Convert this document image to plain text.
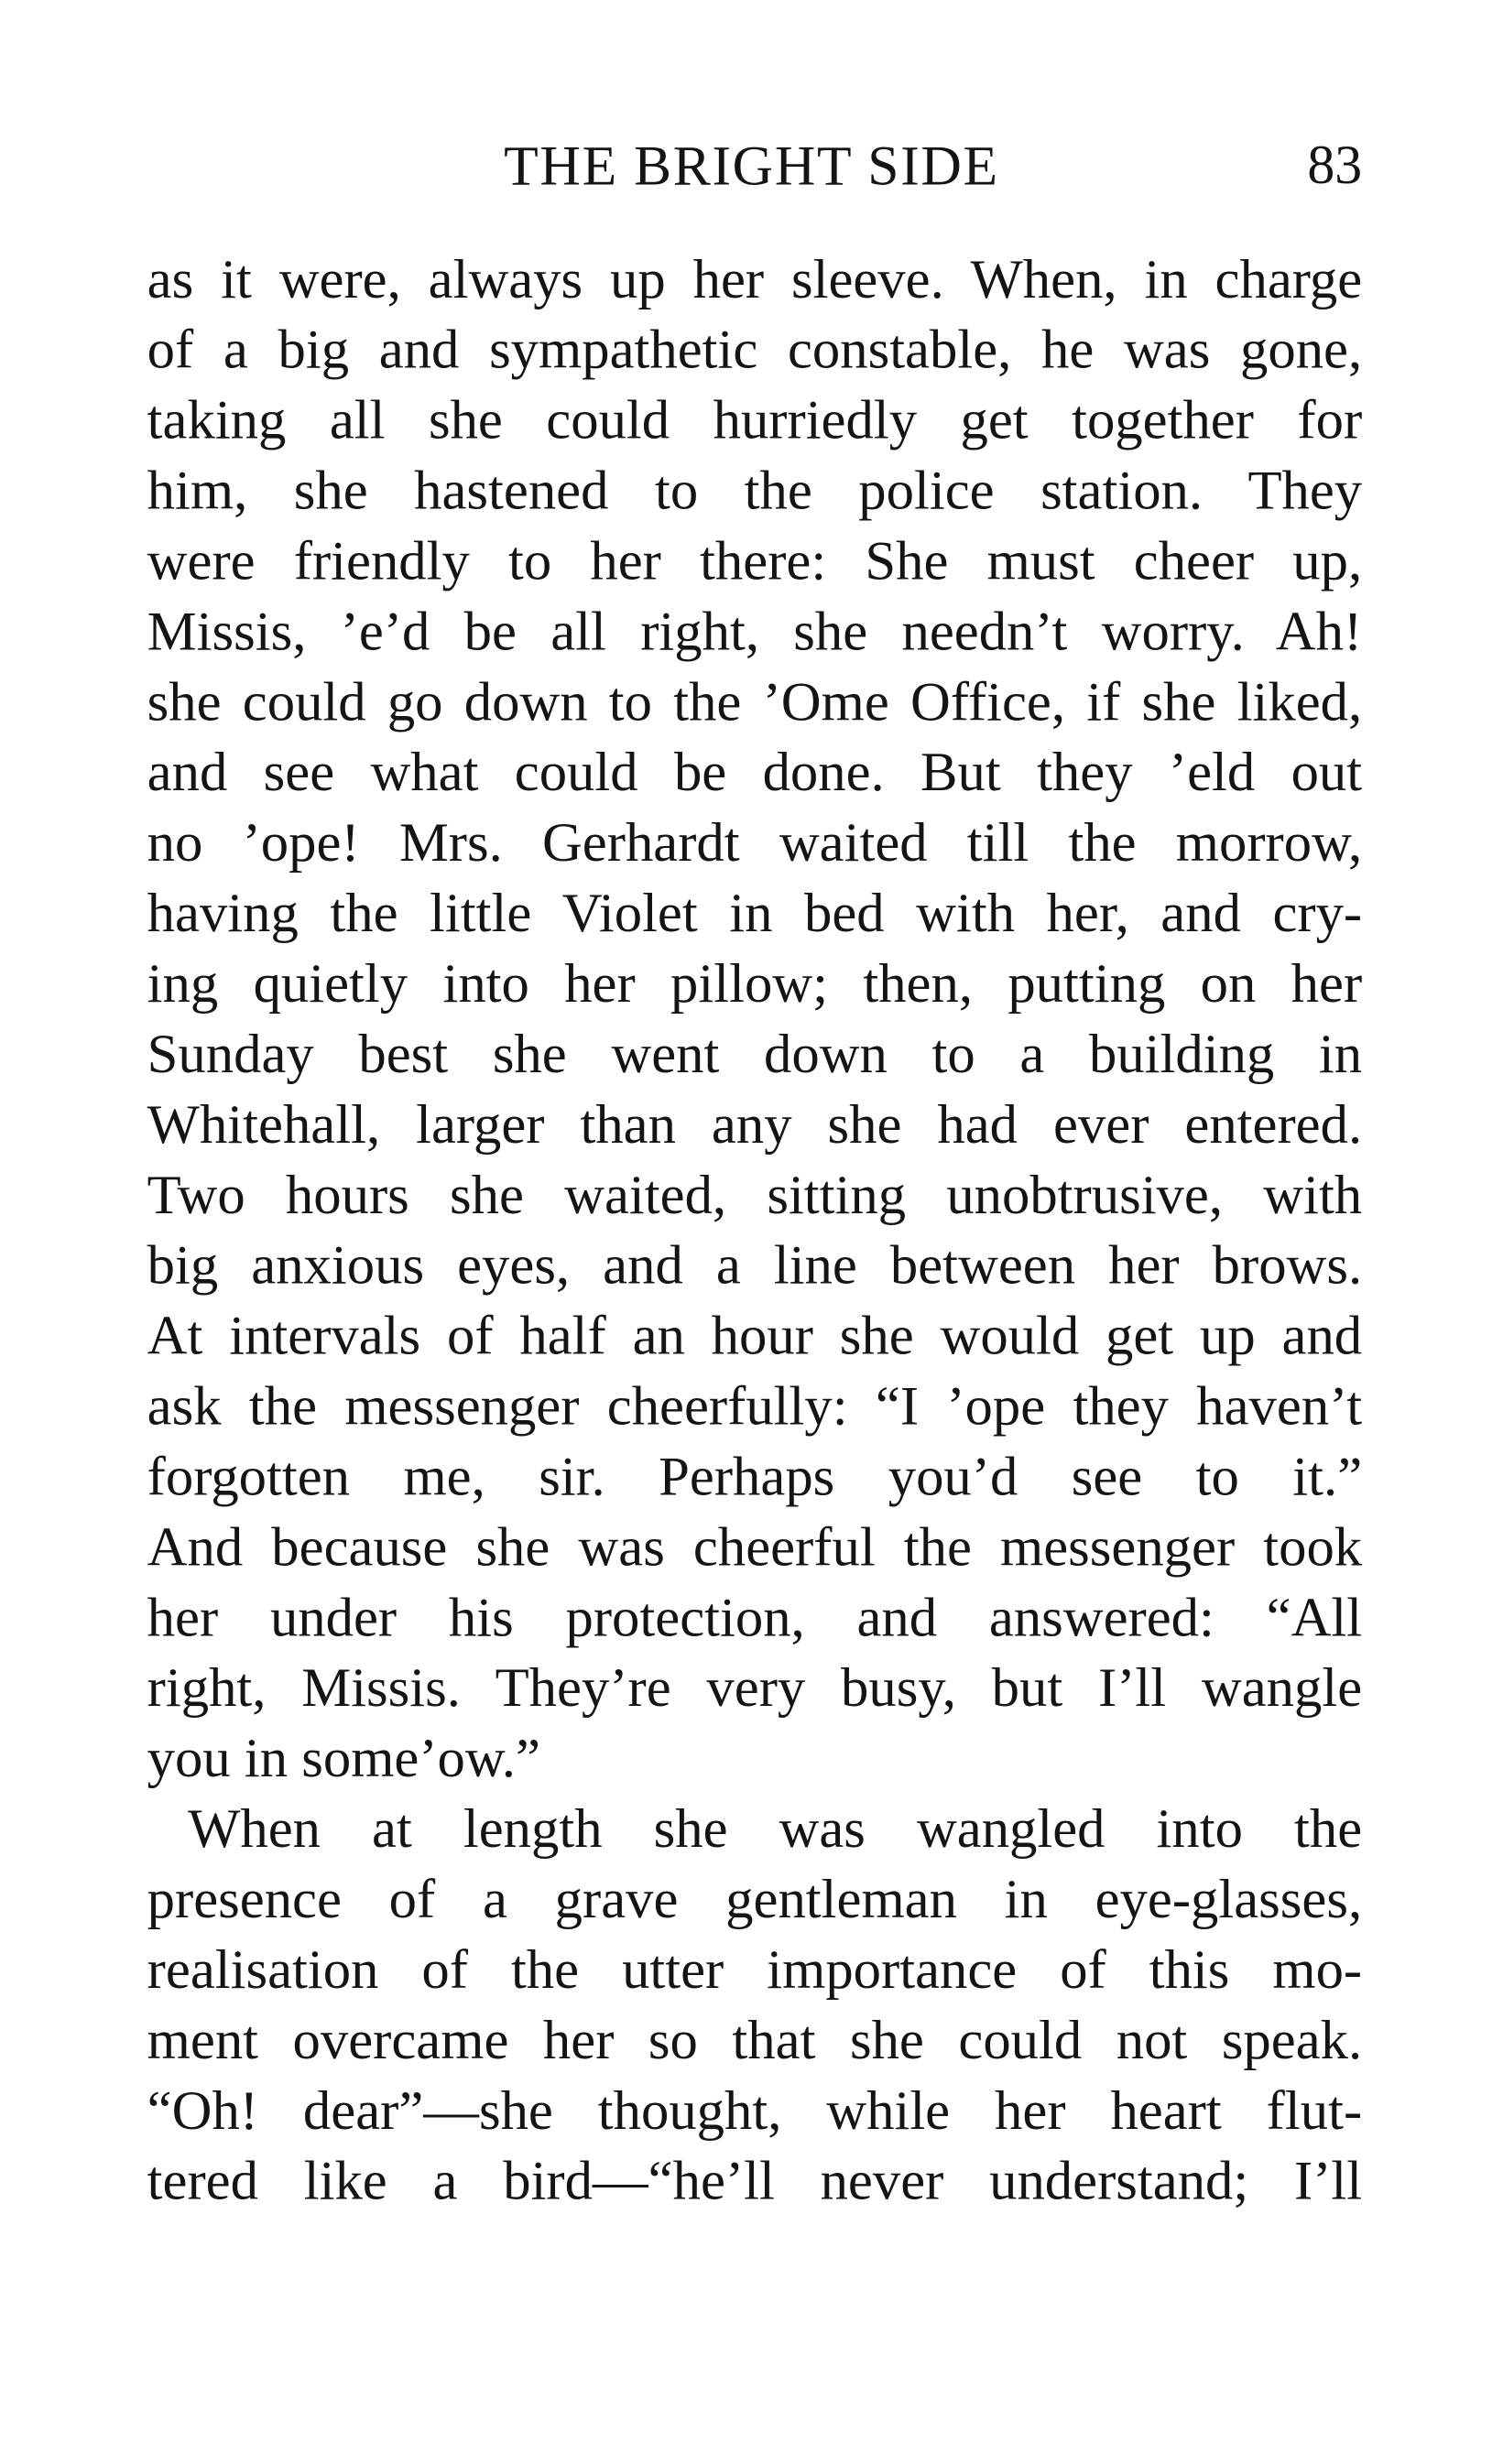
THE BRIGHT SIDE	83
as it were, always up her sleeve. When, in charge
of a big and sympathetic constable, he was gone,
taking all she could hurriedly get together for
him, she hastened to the police station. They
were friendly to her there: She must cheer up,
Missis, ’e’d be all right, she needn’t worry. Ah!
she could go down to the ’Ome Office, if she liked,
and see what could be done. But they ’eld out
no ’ope! Mrs. Gerhardt waited till the morrow,
having the little Violet in bed with her, and cry-
ing quietly into her pillow; then, putting on her
Sunday best she went down to a building in
Whitehall, larger than any she had ever entered.
Two hours she waited, sitting unobtrusive, with
big anxious eyes, and a line between her brows.
At intervals of half an hour she would get up and
ask the messenger cheerfully: “I ’ope they haven’t
forgotten me, sir. Perhaps you’d see to it.”
And because she was cheerful the messenger took
her under his protection, and answered: “All
right, Missis. They’re very busy, but I’ll wangle
you in some’ow.”
When at length she was wangled into the
presence of a grave gentleman in eye-glasses,
realisation of the utter importance of this mo-
ment overcame her so that she could not speak.
“Oh! dear”—she thought, while her heart flut-
tered like a bird—“he’ll never understand; I’ll
